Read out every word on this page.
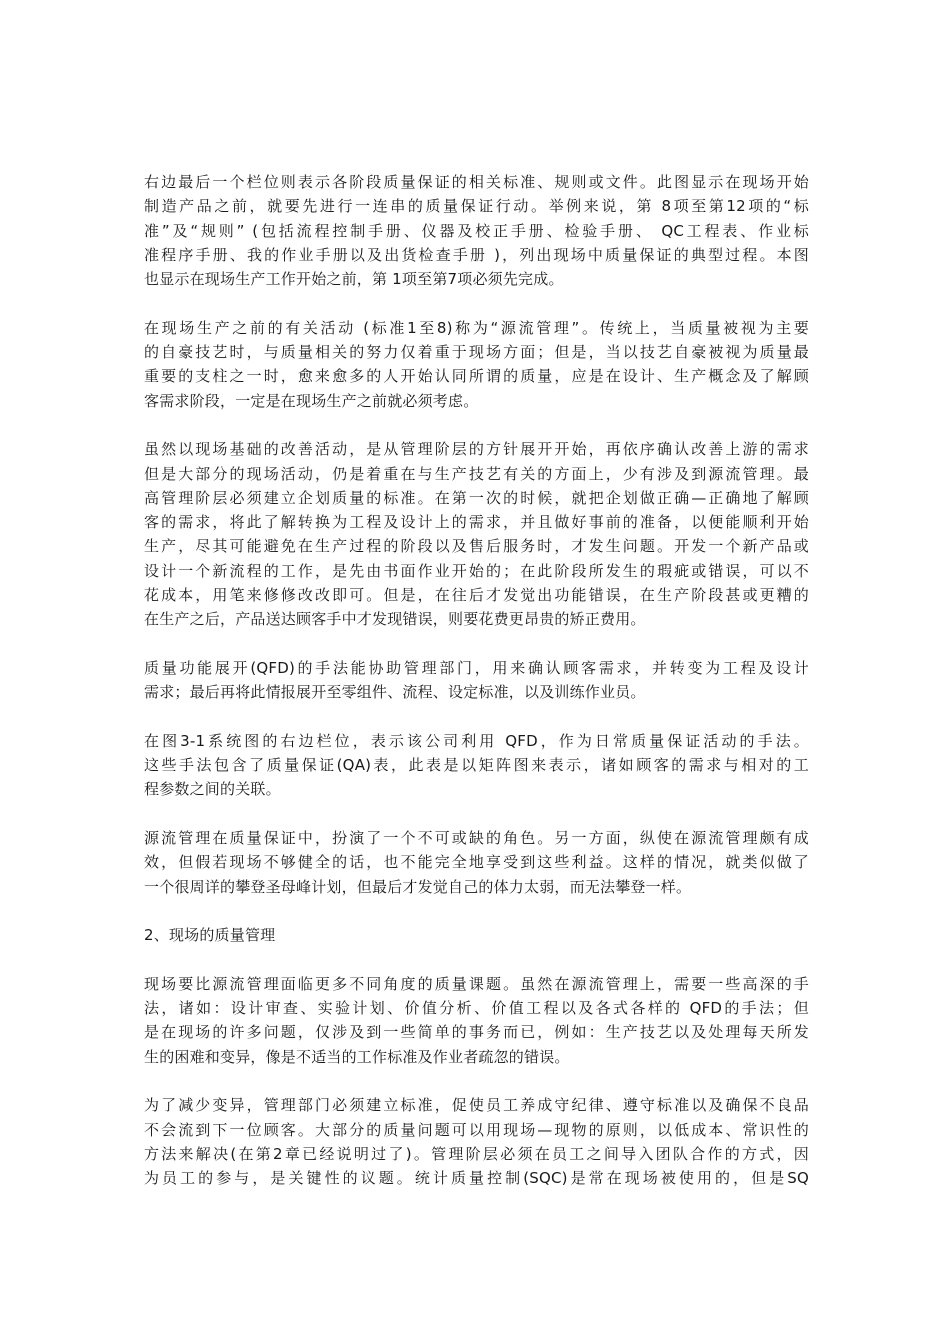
右边最后一个栏位则表示各阶段质量保证的相关标准、规则或文件。此图显示在现场开始
制造产品之前，就要先进行一连串的质量保证行动。举例来说，第 8项至第12项的“标
准”及“规则” (包括流程控制手册、仪器及校正手册、检验手册、 QC工程表、作业标
准程序手册、我的作业手册以及出货检查手册 )，列出现场中质量保证的典型过程。本图
也显示在现场生产工作开始之前，第 1项至第7项必须先完成。
在现场生产之前的有关活动 (标准1至8)称为“源流管理”。传统上，当质量被视为主要
的自豪技艺时，与质量相关的努力仅着重于现场方面；但是，当以技艺自豪被视为质量最
重要的支柱之一时，愈来愈多的人开始认同所谓的质量，应是在设计、生产概念及了解顾
客需求阶段，一定是在现场生产之前就必须考虑。
虽然以现场基础的改善活动，是从管理阶层的方针展开开始，再依序确认改善上游的需求
但是大部分的现场活动，仍是着重在与生产技艺有关的方面上，少有涉及到源流管理。最
高管理阶层必须建立企划质量的标准。在第一次的时候，就把企划做正确—正确地了解顾
客的需求，将此了解转换为工程及设计上的需求，并且做好事前的准备，以便能顺利开始
生产，尽其可能避免在生产过程的阶段以及售后服务时，才发生问题。开发一个新产品或
设计一个新流程的工作，是先由书面作业开始的；在此阶段所发生的瑕疵或错误，可以不
花成本，用笔来修修改改即可。但是，在往后才发觉出功能错误，在生产阶段甚或更糟的
在生产之后，产品送达顾客手中才发现错误，则要花费更昂贵的矫正费用。
质量功能展开(QFD)的手法能协助管理部门，用来确认顾客需求，并转变为工程及设计
需求；最后再将此情报展开至零组件、流程、设定标准，以及训练作业员。
在图3-1系统图的右边栏位，表示该公司利用 QFD，作为日常质量保证活动的手法。
这些手法包含了质量保证(QA)表，此表是以矩阵图来表示，诸如顾客的需求与相对的工
程参数之间的关联。
源流管理在质量保证中，扮演了一个不可或缺的角色。另一方面，纵使在源流管理颇有成
效，但假若现场不够健全的话，也不能完全地享受到这些利益。这样的情况，就类似做了
一个很周详的攀登圣母峰计划，但最后才发觉自己的体力太弱，而无法攀登一样。
2、现场的质量管理
现场要比源流管理面临更多不同角度的质量课题。虽然在源流管理上，需要一些高深的手
法，诸如：设计审查、实验计划、价值分析、价值工程以及各式各样的 QFD的手法；但
是在现场的许多问题，仅涉及到一些简单的事务而已，例如：生产技艺以及处理每天所发
生的困难和变异，像是不适当的工作标准及作业者疏忽的错误。
为了减少变异，管理部门必须建立标准，促使员工养成守纪律、遵守标准以及确保不良品
不会流到下一位顾客。大部分的质量问题可以用现场—现物的原则，以低成本、常识性的
方法来解决(在第2章已经说明过了)。管理阶层必须在员工之间导入团队合作的方式，因
为员工的参与，是关键性的议题。统计质量控制(SQC)是常在现场被使用的，但是SQ
